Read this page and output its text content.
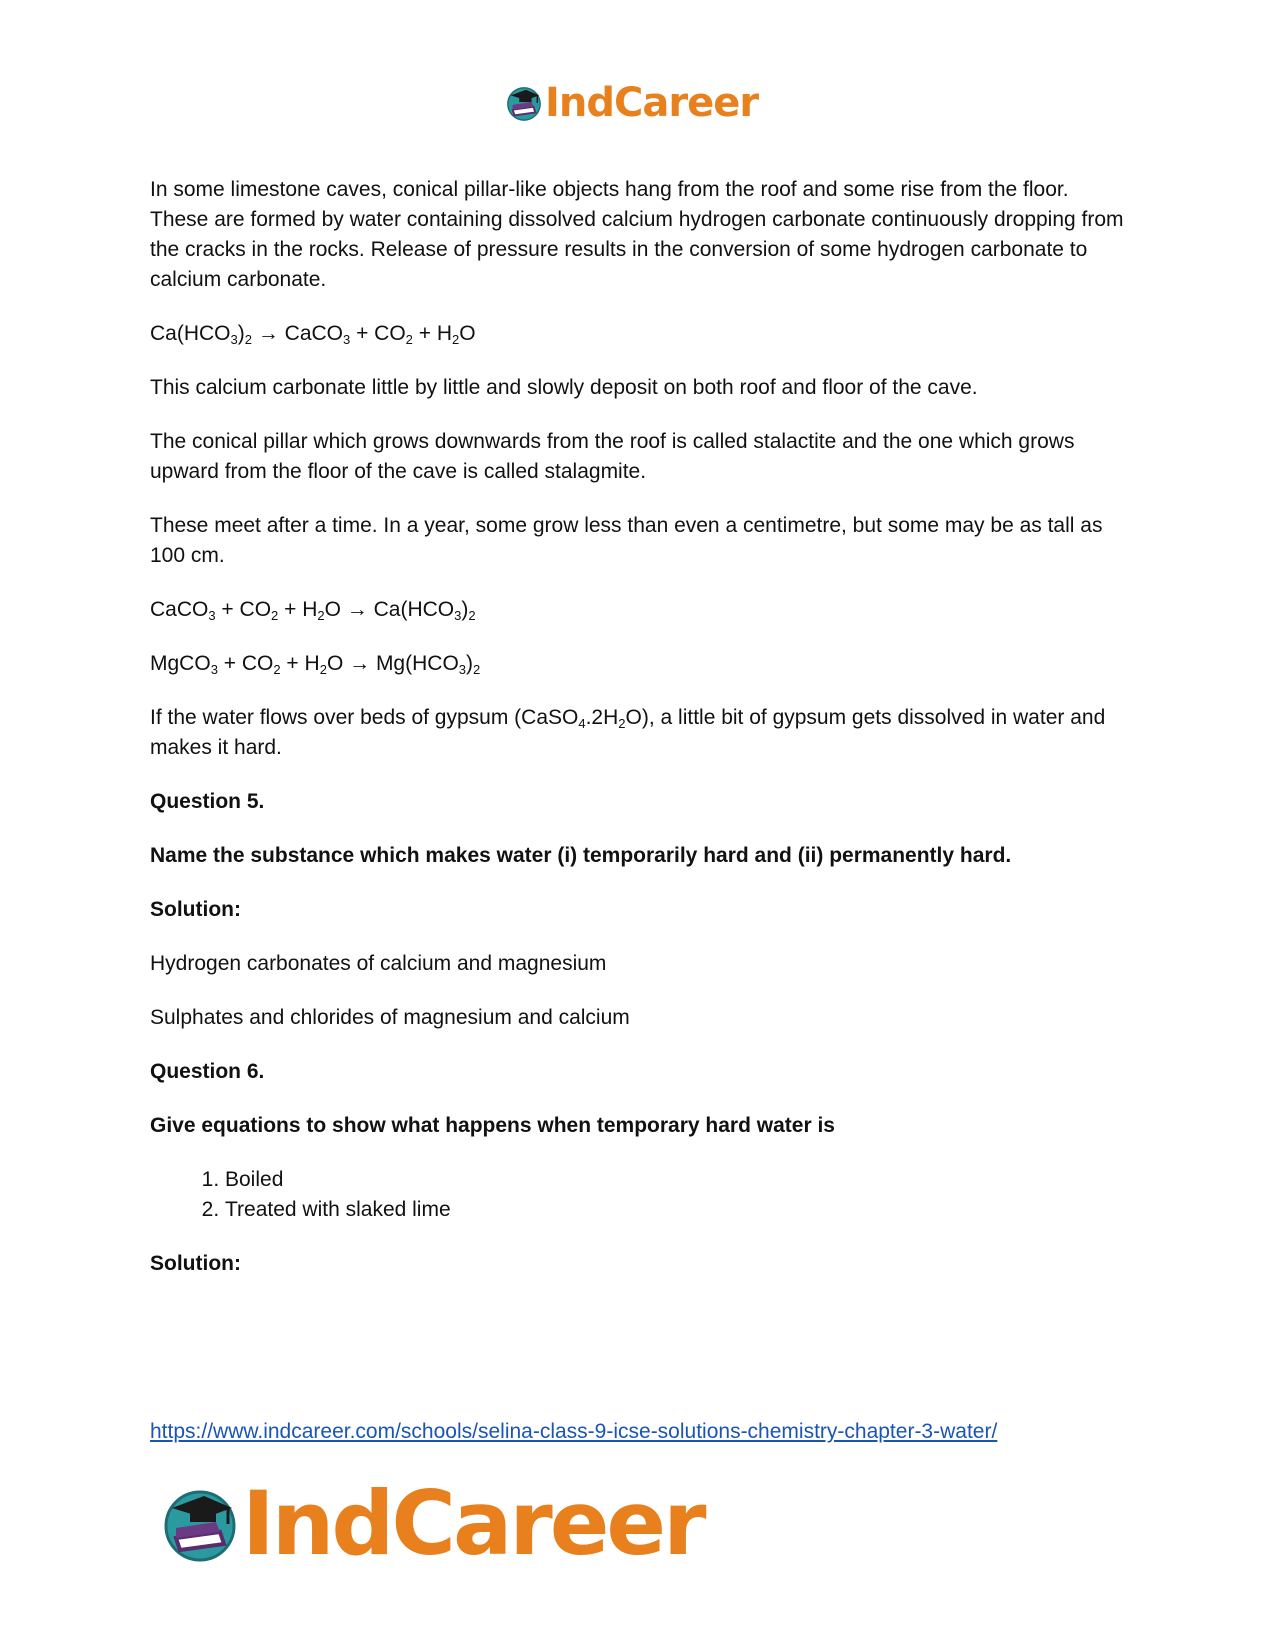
IndCareer

In some limestone caves, conical pillar-like objects hang from the roof and some rise from the floor. These are formed by water containing dissolved calcium hydrogen carbonate continuously dropping from the cracks in the rocks. Release of pressure results in the conversion of some hydrogen carbonate to calcium carbonate.

$Ca(HCO_3)_2$ → CaCO$_3$ + $CO_2 + H_2O$

This calcium carbonate little by little and slowly deposit on both roof and floor of the cave.

The conical pillar which grows downwards from the roof is called stalactite and the one which grows upward from the floor of the cave is called stalagmite.

These meet after a time. In a year, some grow less than even a centimetre, but some may be as tall as 100 cm.

CaCO$_3$ + $CO_2 + H_2O \to Ca(HCO_3)_2$

MgCO$_3$ + $CO_2 + H_2O \to Mg(HCO_3)_2$

If the water flows over beds of gypsum $(CaSO_4.2H_2O)$, a little bit of gypsum gets dissolved in water and makes it hard.

Question 5.

Name the substance which makes water (i) temporarily hard and (ii) permanently hard.

Solution:

Hydrogen carbonates of calcium and magnesium

Sulphates and chlorides of magnesium and calcium

Question 6.

Give equations to show what happens when temporary hard water is

1. Boiled
2. Treated with slaked lime

Solution:

https://www.indcareer.com/schools/selina-class-9-icse-solutions-chemistry-chapter-3-water/
IndCareer
